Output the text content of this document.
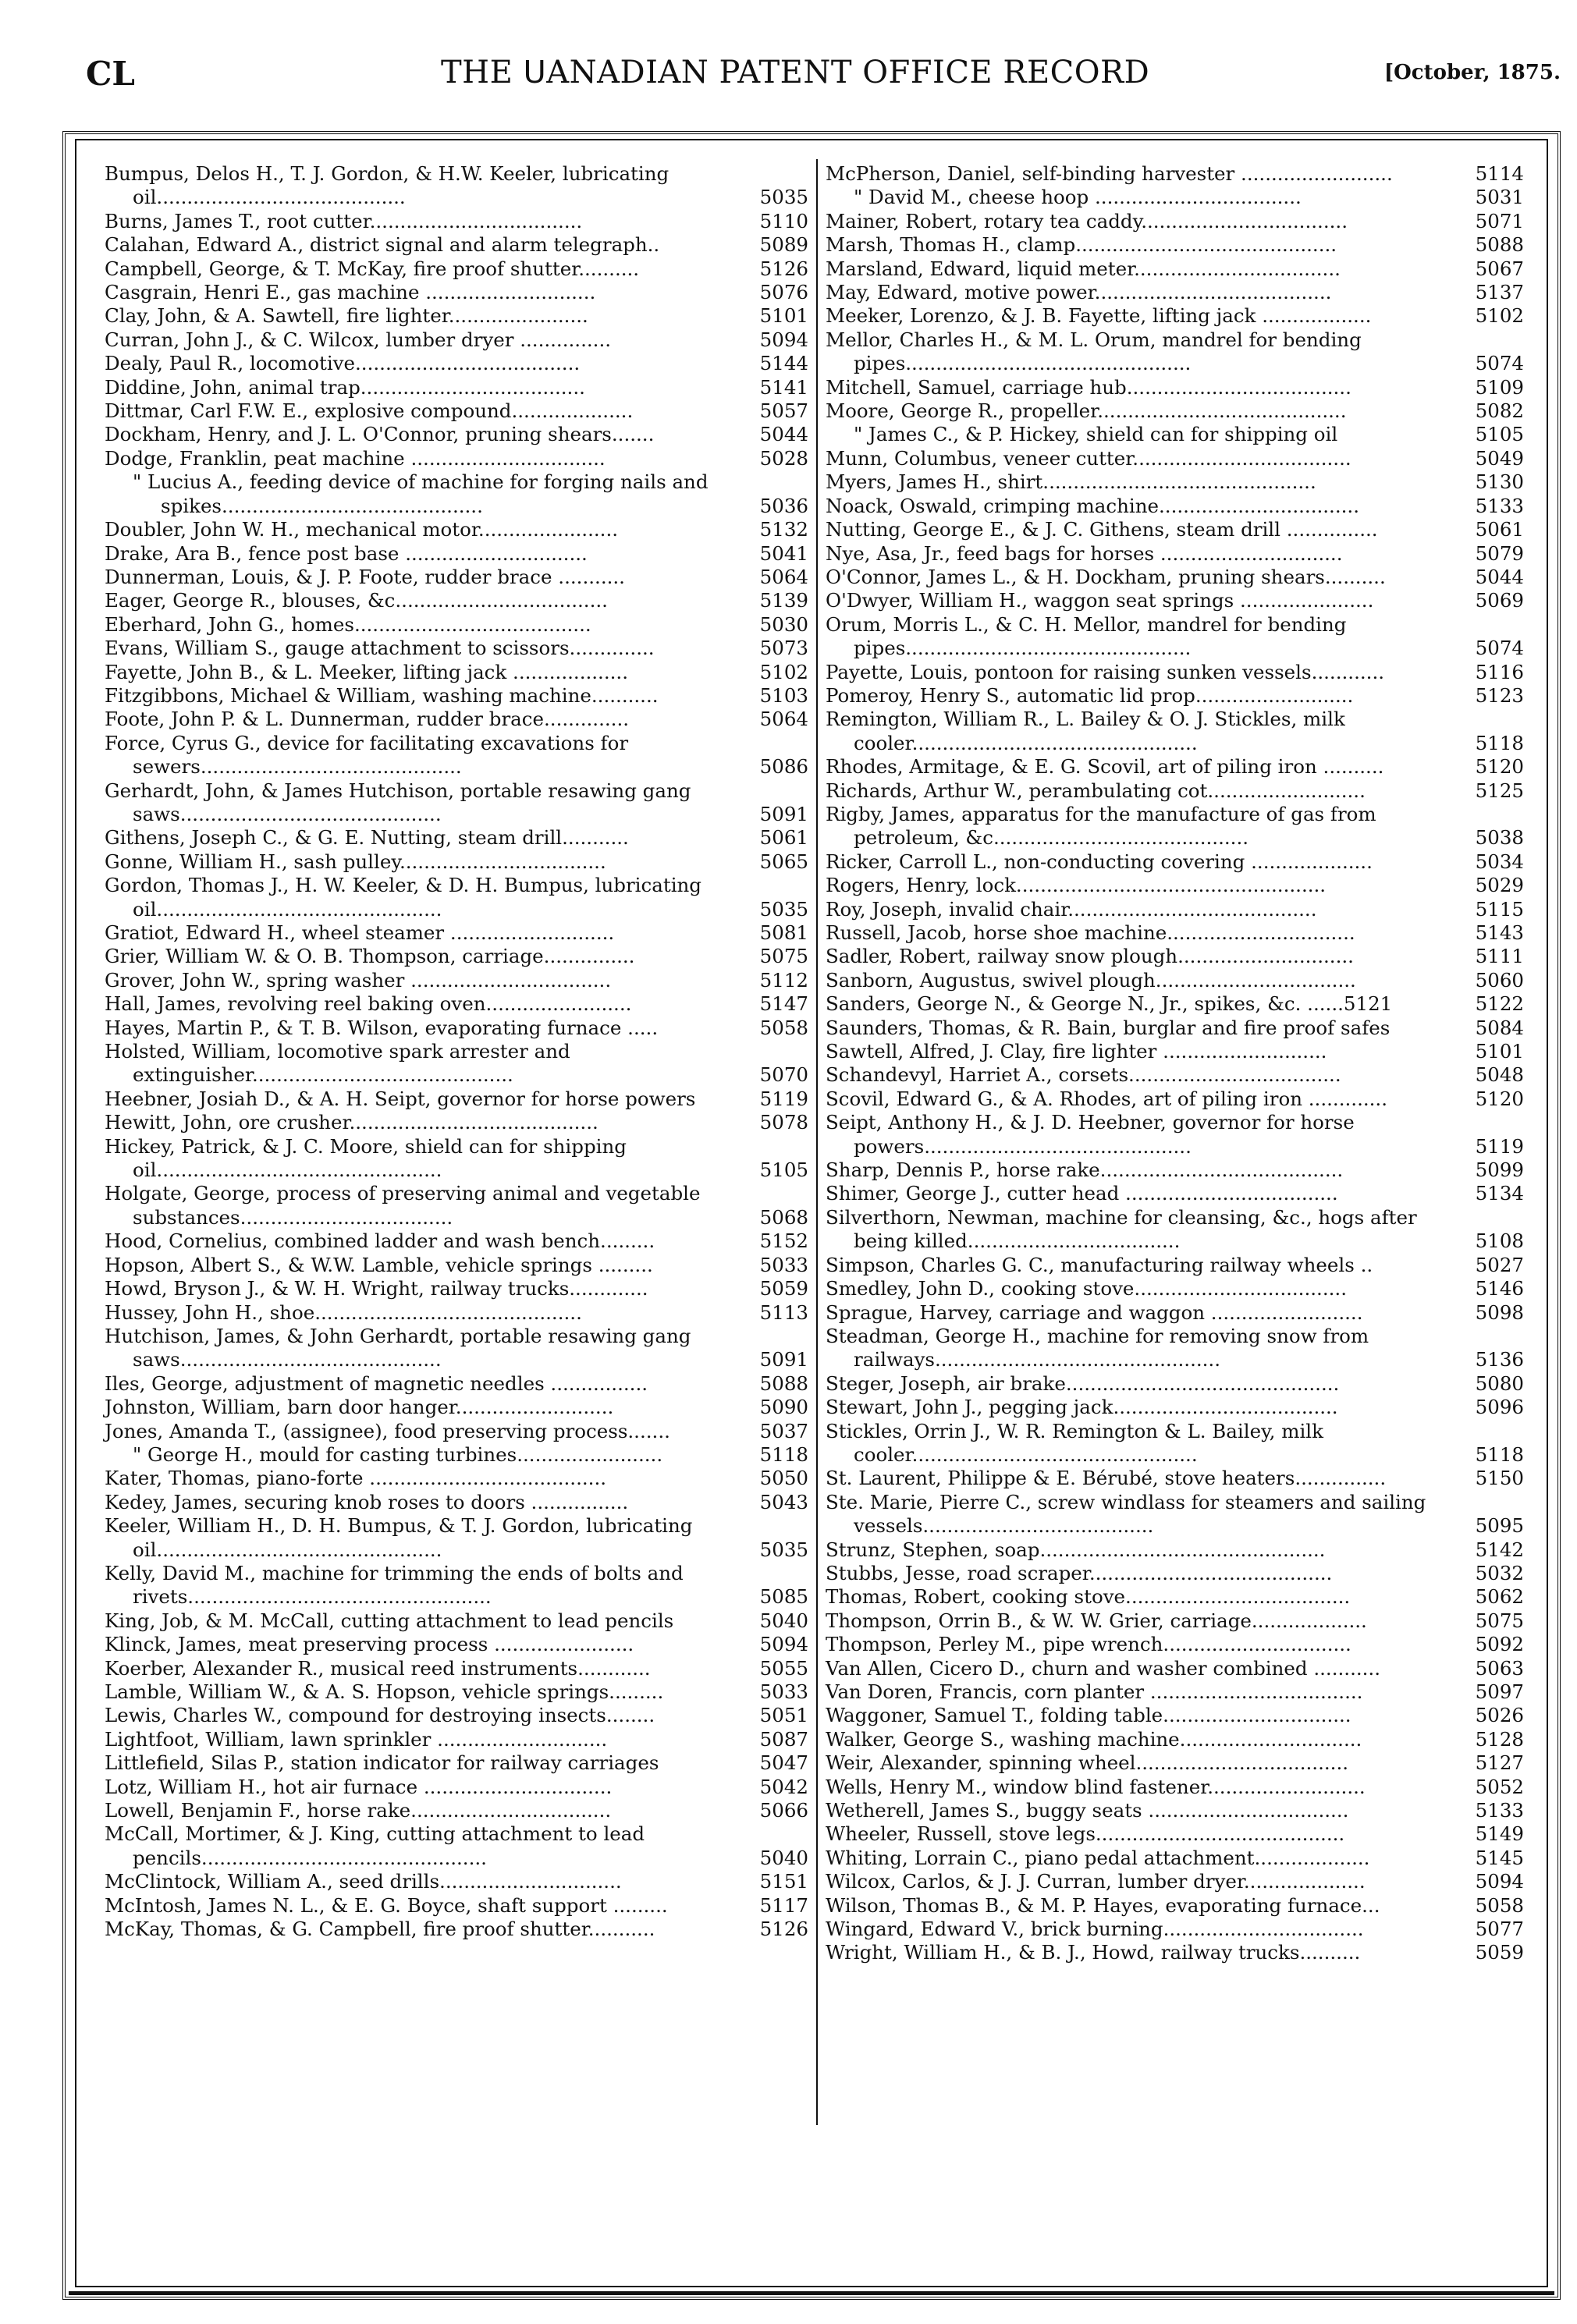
CL	THE ᑌANADIAN PATENT OFFICE RECORD	[October, 1875.
Bumpus, Delos H., T. J. Gordon, & H.W. Keeler, lubricating oil.........................................	5035
Burns, James T., root cutter...................................	5110
Calahan, Edward A., district signal and alarm telegraph..	5089
Campbell, George, & T. McKay, fire proof shutter..........	5126
Casgrain, Henri E., gas machine ............................	5076
Clay, John, & A. Sawtell, fire lighter.......................	5101
Curran, John J., & C. Wilcox, lumber dryer ...............	5094
Dealy, Paul R., locomotive.....................................	5144
Diddine, John, animal trap.....................................	5141
Dittmar, Carl F.W. E., explosive compound....................	5057
Dockham, Henry, and J. L. O'Connor, pruning shears.......	5044
Dodge, Franklin, peat machine ................................	5028
" Lucius A., feeding device of machine for forging nails and spikes...........................................	5036
Doubler, John W. H., mechanical motor.......................	5132
Drake, Ara B., fence post base ..............................	5041
Dunnerman, Louis, & J. P. Foote, rudder brace ...........	5064
Eager, George R., blouses, &c...................................	5139
Eberhard, John G., homes.......................................	5030
Evans, William S., gauge attachment to scissors..............	5073
Fayette, John B., & L. Meeker, lifting jack ...................	5102
Fitzgibbons, Michael & William, washing machine...........	5103
Foote, John P. & L. Dunnerman, rudder brace..............	5064
Force, Cyrus G., device for facilitating excavations for sewers...........................................	5086
Gerhardt, John, & James Hutchison, portable resawing gang saws...........................................	5091
Githens, Joseph C., & G. E. Nutting, steam drill...........	5061
Gonne, William H., sash pulley..................................	5065
Gordon, Thomas J., H. W. Keeler, & D. H. Bumpus, lubricating oil...............................................	5035
Gratiot, Edward H., wheel steamer ...........................	5081
Grier, William W. & O. B. Thompson, carriage...............	5075
Grover, John W., spring washer .................................	5112
Hall, James, revolving reel baking oven........................	5147
Hayes, Martin P., & T. B. Wilson, evaporating furnace .....	5058
Holsted, William, locomotive spark arrester and extinguisher...........................................	5070
Heebner, Josiah D., & A. H. Seipt, governor for horse powers	5119
Hewitt, John, ore crusher.........................................	5078
Hickey, Patrick, & J. C. Moore, shield can for shipping oil...............................................	5105
Holgate, George, process of preserving animal and vegetable substances...................................	5068
Hood, Cornelius, combined ladder and wash bench.........	5152
Hopson, Albert S., & W.W. Lamble, vehicle springs .........	5033
Howd, Bryson J., & W. H. Wright, railway trucks.............	5059
Hussey, John H., shoe............................................	5113
Hutchison, James, & John Gerhardt, portable resawing gang saws...........................................	5091
Iles, George, adjustment of magnetic needles ................	5088
Johnston, William, barn door hanger..........................	5090
Jones, Amanda T., (assignee), food preserving process.......	5037
" George H., mould for casting turbines........................	5118
Kater, Thomas, piano-forte .......................................	5050
Kedey, James, securing knob roses to doors ................	5043
Keeler, William H., D. H. Bumpus, & T. J. Gordon, lubricating oil...............................................	5035
Kelly, David M., machine for trimming the ends of bolts and rivets..................................................	5085
King, Job, & M. McCall, cutting attachment to lead pencils	5040
Klinck, James, meat preserving process .......................	5094
Koerber, Alexander R., musical reed instruments............	5055
Lamble, William W., & A. S. Hopson, vehicle springs.........	5033
Lewis, Charles W., compound for destroying insects........	5051
Lightfoot, William, lawn sprinkler ............................	5087
Littlefield, Silas P., station indicator for railway carriages	5047
Lotz, William H., hot air furnace ...............................	5042
Lowell, Benjamin F., horse rake.................................	5066
McCall, Mortimer, & J. King, cutting attachment to lead pencils...............................................	5040
McClintock, William A., seed drills..............................	5151
McIntosh, James N. L., & E. G. Boyce, shaft support .........	5117
McKay, Thomas, & G. Campbell, fire proof shutter...........	5126
McPherson, Daniel, self-binding harvester .........................	5114
" David M., cheese hoop ..................................	5031
Mainer, Robert, rotary tea caddy..................................	5071
Marsh, Thomas H., clamp...........................................	5088
Marsland, Edward, liquid meter..................................	5067
May, Edward, motive power.......................................	5137
Meeker, Lorenzo, & J. B. Fayette, lifting jack ..................	5102
Mellor, Charles H., & M. L. Orum, mandrel for bending pipes...............................................	5074
Mitchell, Samuel, carriage hub.....................................	5109
Moore, George R., propeller.........................................	5082
" James C., & P. Hickey, shield can for shipping oil	5105
Munn, Columbus, veneer cutter....................................	5049
Myers, James H., shirt.............................................	5130
Noack, Oswald, crimping machine.................................	5133
Nutting, George E., & J. C. Githens, steam drill ...............	5061
Nye, Asa, Jr., feed bags for horses ..............................	5079
O'Connor, James L., & H. Dockham, pruning shears..........	5044
O'Dwyer, William H., waggon seat springs ......................	5069
Orum, Morris L., & C. H. Mellor, mandrel for bending pipes...............................................	5074
Payette, Louis, pontoon for raising sunken vessels............	5116
Pomeroy, Henry S., automatic lid prop..........................	5123
Remington, William R., L. Bailey & O. J. Stickles, milk cooler...............................................	5118
Rhodes, Armitage, & E. G. Scovil, art of piling iron ..........	5120
Richards, Arthur W., perambulating cot..........................	5125
Rigby, James, apparatus for the manufacture of gas from petroleum, &c..........................................	5038
Ricker, Carroll L., non-conducting covering ....................	5034
Rogers, Henry, lock...................................................	5029
Roy, Joseph, invalid chair.........................................	5115
Russell, Jacob, horse shoe machine...............................	5143
Sadler, Robert, railway snow plough.............................	5111
Sanborn, Augustus, swivel plough.................................	5060
Sanders, George N., & George N., Jr., spikes, &c. ......5121	5122
Saunders, Thomas, & R. Bain, burglar and fire proof safes	5084
Sawtell, Alfred, J. Clay, fire lighter ...........................	5101
Schandevyl, Harriet A., corsets...................................	5048
Scovil, Edward G., & A. Rhodes, art of piling iron .............	5120
Seipt, Anthony H., & J. D. Heebner, governor for horse powers............................................	5119
Sharp, Dennis P., horse rake........................................	5099
Shimer, George J., cutter head ...................................	5134
Silverthorn, Newman, machine for cleansing, &c., hogs after being killed...................................	5108
Simpson, Charles G. C., manufacturing railway wheels ..	5027
Smedley, John D., cooking stove...................................	5146
Sprague, Harvey, carriage and waggon .........................	5098
Steadman, George H., machine for removing snow from railways...............................................	5136
Steger, Joseph, air brake.............................................	5080
Stewart, John J., pegging jack.....................................	5096
Stickles, Orrin J., W. R. Remington & L. Bailey, milk cooler...............................................	5118
St. Laurent, Philippe & E. Bérubé, stove heaters...............	5150
Ste. Marie, Pierre C., screw windlass for steamers and sailing vessels......................................	5095
Strunz, Stephen, soap...............................................	5142
Stubbs, Jesse, road scraper........................................	5032
Thomas, Robert, cooking stove.....................................	5062
Thompson, Orrin B., & W. W. Grier, carriage...................	5075
Thompson, Perley M., pipe wrench...............................	5092
Van Allen, Cicero D., churn and washer combined ...........	5063
Van Doren, Francis, corn planter ...................................	5097
Waggoner, Samuel T., folding table...............................	5026
Walker, George S., washing machine..............................	5128
Weir, Alexander, spinning wheel...................................	5127
Wells, Henry M., window blind fastener..........................	5052
Wetherell, James S., buggy seats .................................	5133
Wheeler, Russell, stove legs.........................................	5149
Whiting, Lorrain C., piano pedal attachment...................	5145
Wilcox, Carlos, & J. J. Curran, lumber dryer....................	5094
Wilson, Thomas B., & M. P. Hayes, evaporating furnace...	5058
Wingard, Edward V., brick burning.................................	5077
Wright, William H., & B. J., Howd, railway trucks..........	5059
